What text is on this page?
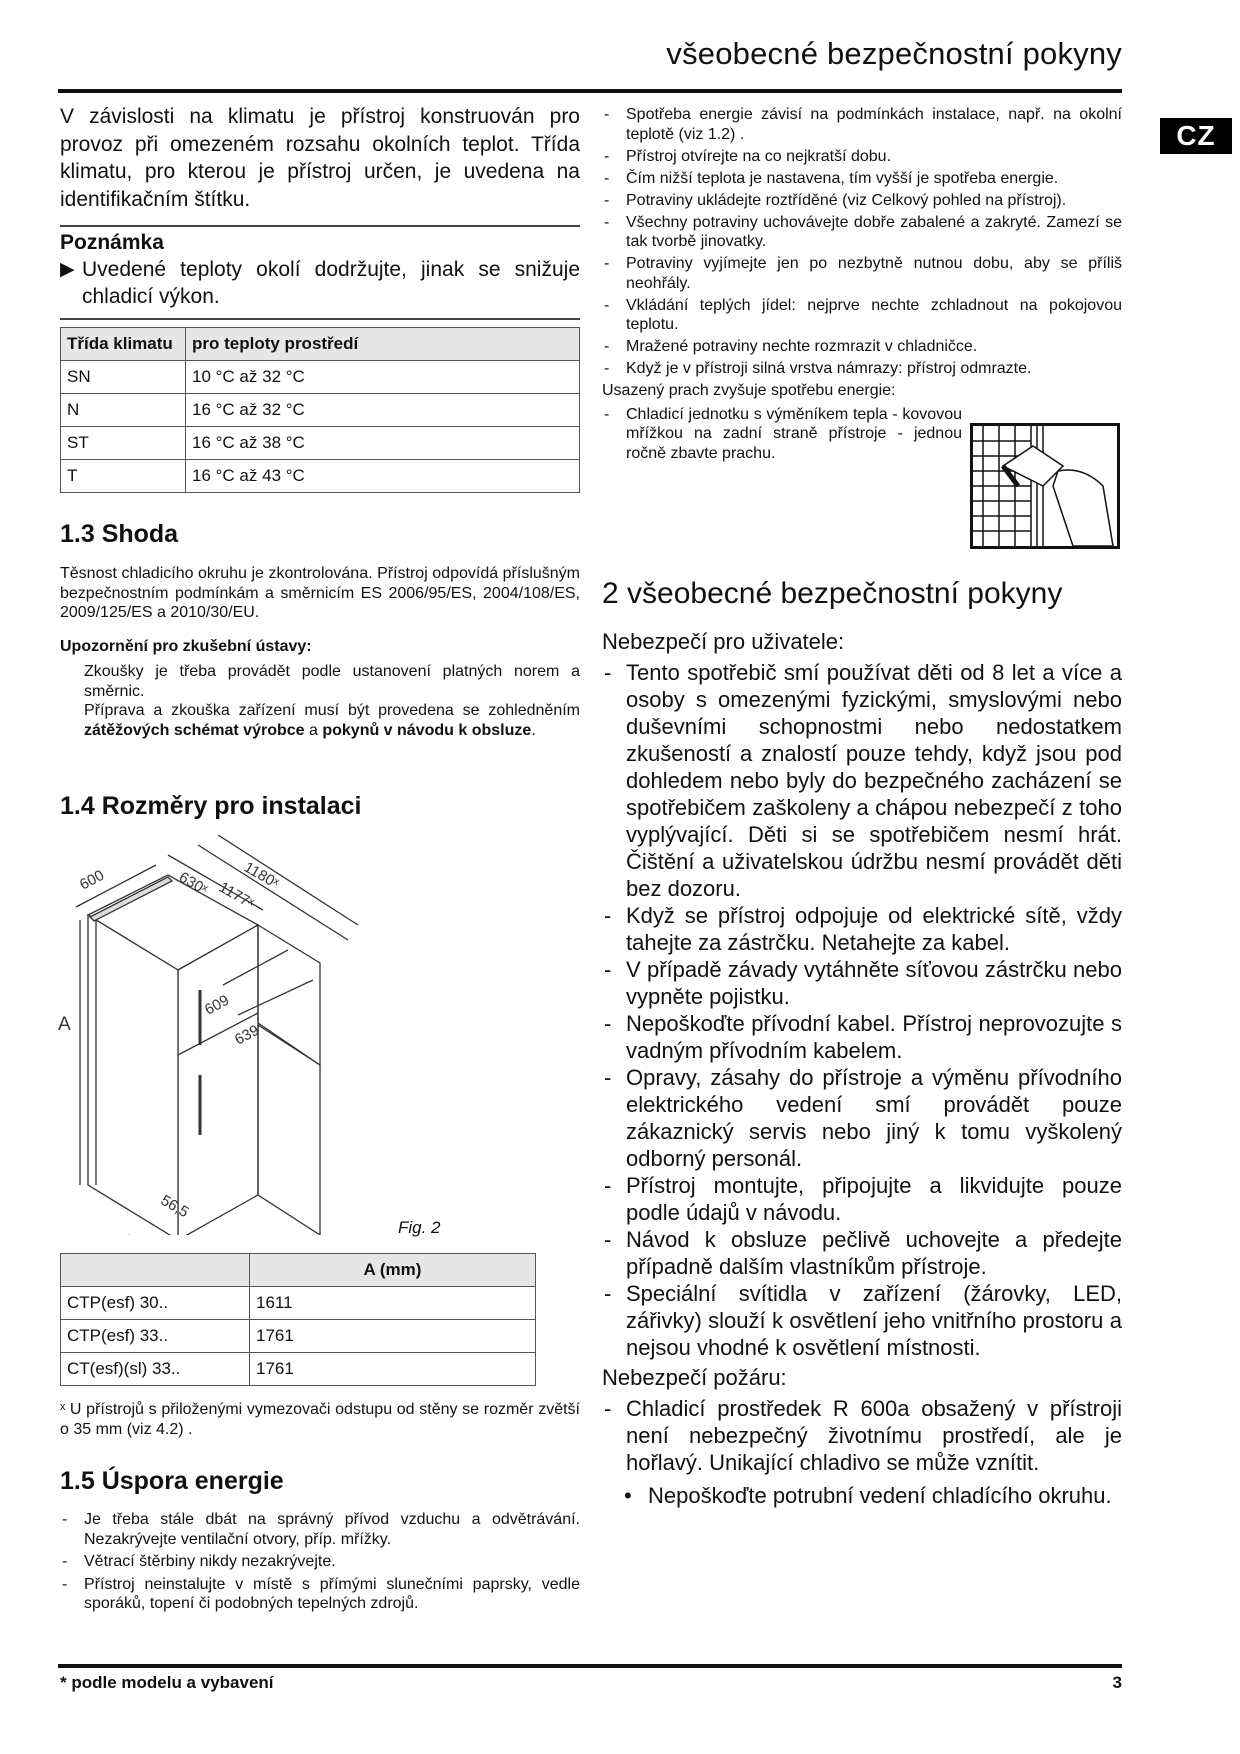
všeobecné bezpečnostní pokyny
CZ

V závislosti na klimatu je přístroj konstruován pro provoz při omezeném rozsahu okolních teplot. Třída klimatu, pro kterou je přístroj určen, je uvedena na identifikačním štítku.

Poznámka

▶ Uvedené teploty okolí dodržujte, jinak se snižuje chladicí výkon.
Třída klimatu	pro teploty prostředí
SN	10 °C až 32 °C
N	16 °C až 32 °C
ST	16 °C až 38 °C
T	16 °C až 43 °C

1.3 Shoda

Těsnost chladicího okruhu je zkontrolována. Přístroj odpovídá příslušným bezpečnostním podmínkám a směrnicím ES 2006/95/ES, 2004/108/ES, 2009/125/ES a 2010/30/EU.

Upozornění pro zkušební ústavy:

Zkoušky je třeba provádět podle ustanovení platných norem a směrnic.

Příprava a zkouška zařízení musí být provedena se zohledněním zátěžových schémat výrobce a pokynů v návodu k obsluze.

1.4 Rozměry pro instalaci

600	630ˣ 1177ˣ
1180ˣ
609
639
A
56,5
Fig. 2
	A (mm)
CTP(esf) 30..	1611
CTP(esf) 33..	1761
CT(esf)(sl) 33..	1761

ˣ U přístrojů s přiloženými vymezovači odstupu od stěny se rozměr zvětší o 35 mm (viz 4.2) .

1.5 Úspora energie

- Je třeba stále dbát na správný přívod vzduchu a odvětrávání. Nezakrývejte ventilační otvory, příp. mřížky.
- Větrací štěrbiny nikdy nezakrývejte.
- Přístroj neinstalujte v místě s přímými slunečními paprsky, vedle sporáků, topení či podobných tepelných zdrojů.
- Spotřeba energie závisí na podmínkách instalace, např. na okolní teplotě (viz 1.2) .
- Přístroj otvírejte na co nejkratší dobu.
- Čím nižší teplota je nastavena, tím vyšší je spotřeba energie.
- Potraviny ukládejte roztříděné (viz Celkový pohled na přístroj).
- Všechny potraviny uchovávejte dobře zabalené a zakryté. Zamezí se tak tvorbě jinovatky.
- Potraviny vyjímejte jen po nezbytně nutnou dobu, aby se příliš neohřály.
- Vkládání teplých jídel: nejprve nechte zchladnout na pokojovou teplotu.
- Mražené potraviny nechte rozmrazit v chladničce.
- Když je v přístroji silná vrstva námrazy: přístroj odmrazte.

Usazený prach zvyšuje spotřebu energie:

- Chladicí jednotku s výměníkem tepla - kovovou mřížkou na zadní straně přístroje - jednou ročně zbavte prachu.

2 všeobecné bezpečnostní pokyny

Nebezpečí pro uživatele:

- Tento spotřebič smí používat děti od 8 let a více a osoby s omezenými fyzickými, smyslovými nebo duševními schopnostmi nebo nedostatkem zkušeností a znalostí pouze tehdy, když jsou pod dohledem nebo byly do bezpečného zacházení se spotřebičem zaškoleny a chápou nebezpečí z toho vyplývající. Děti si se spotřebičem nesmí hrát. Čištění a uživatelskou údržbu nesmí provádět děti bez dozoru.
- Když se přístroj odpojuje od elektrické sítě, vždy tahejte za zástrčku. Netahejte za kabel.
- V případě závady vytáhněte síťovou zástrčku nebo vypněte pojistku.
- Nepoškoďte přívodní kabel. Přístroj neprovozujte s vadným přívodním kabelem.
- Opravy, zásahy do přístroje a výměnu přívodního elektrického vedení smí provádět pouze zákaznický servis nebo jiný k tomu vyškolený odborný personál.
- Přístroj montujte, připojujte a likvidujte pouze podle údajů v návodu.
- Návod k obsluze pečlivě uchovejte a předejte případně dalším vlastníkům přístroje.
- Speciální svítidla v zařízení (žárovky, LED, zářivky) slouží k osvětlení jeho vnitřního prostoru a nejsou vhodné k osvětlení místnosti.

Nebezpečí požáru:

- Chladicí prostředek R 600a obsažený v přístroji není nebezpečný životnímu prostředí, ale je hořlavý. Unikající chladivo se může vznítit.
• Nepoškoďte potrubní vedení chladícího okruhu.
* podle modelu a vybavení	3
